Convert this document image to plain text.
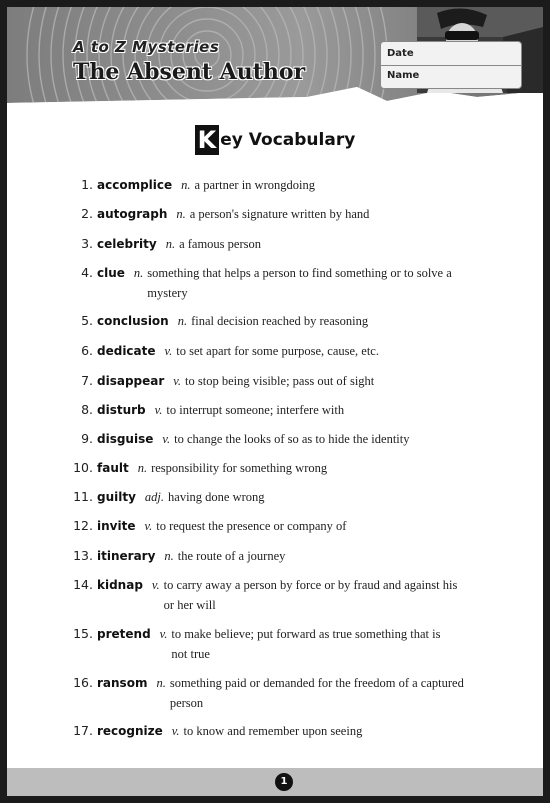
A to Z Mysteries
The Absent Author
Date
Name
K ey Vocabulary
1. accomplice n. a partner in wrongdoing
2. autograph n. a person's signature written by hand
3. celebrity n. a famous person
4. clue n. something that helps a person to find something or to solve a
mystery
5. conclusion n. final decision reached by reasoning
6. dedicate v. to set apart for some purpose, cause, etc.
7. disappear v. to stop being visible; pass out of sight
8. disturb v. to interrupt someone; interfere with
9. disguise v. to change the looks of so as to hide the identity
10. fault n. responsibility for something wrong
11. guilty adj. having done wrong
12. invite v. to request the presence or company of
13. itinerary n. the route of a journey
14. kidnap v. to carry away a person by force or by fraud and against his
or her will
15. pretend v. to make believe; put forward as true something that is
not true
16. ransom n. something paid or demanded for the freedom of a captured
person
17. recognize v. to know and remember upon seeing
1
